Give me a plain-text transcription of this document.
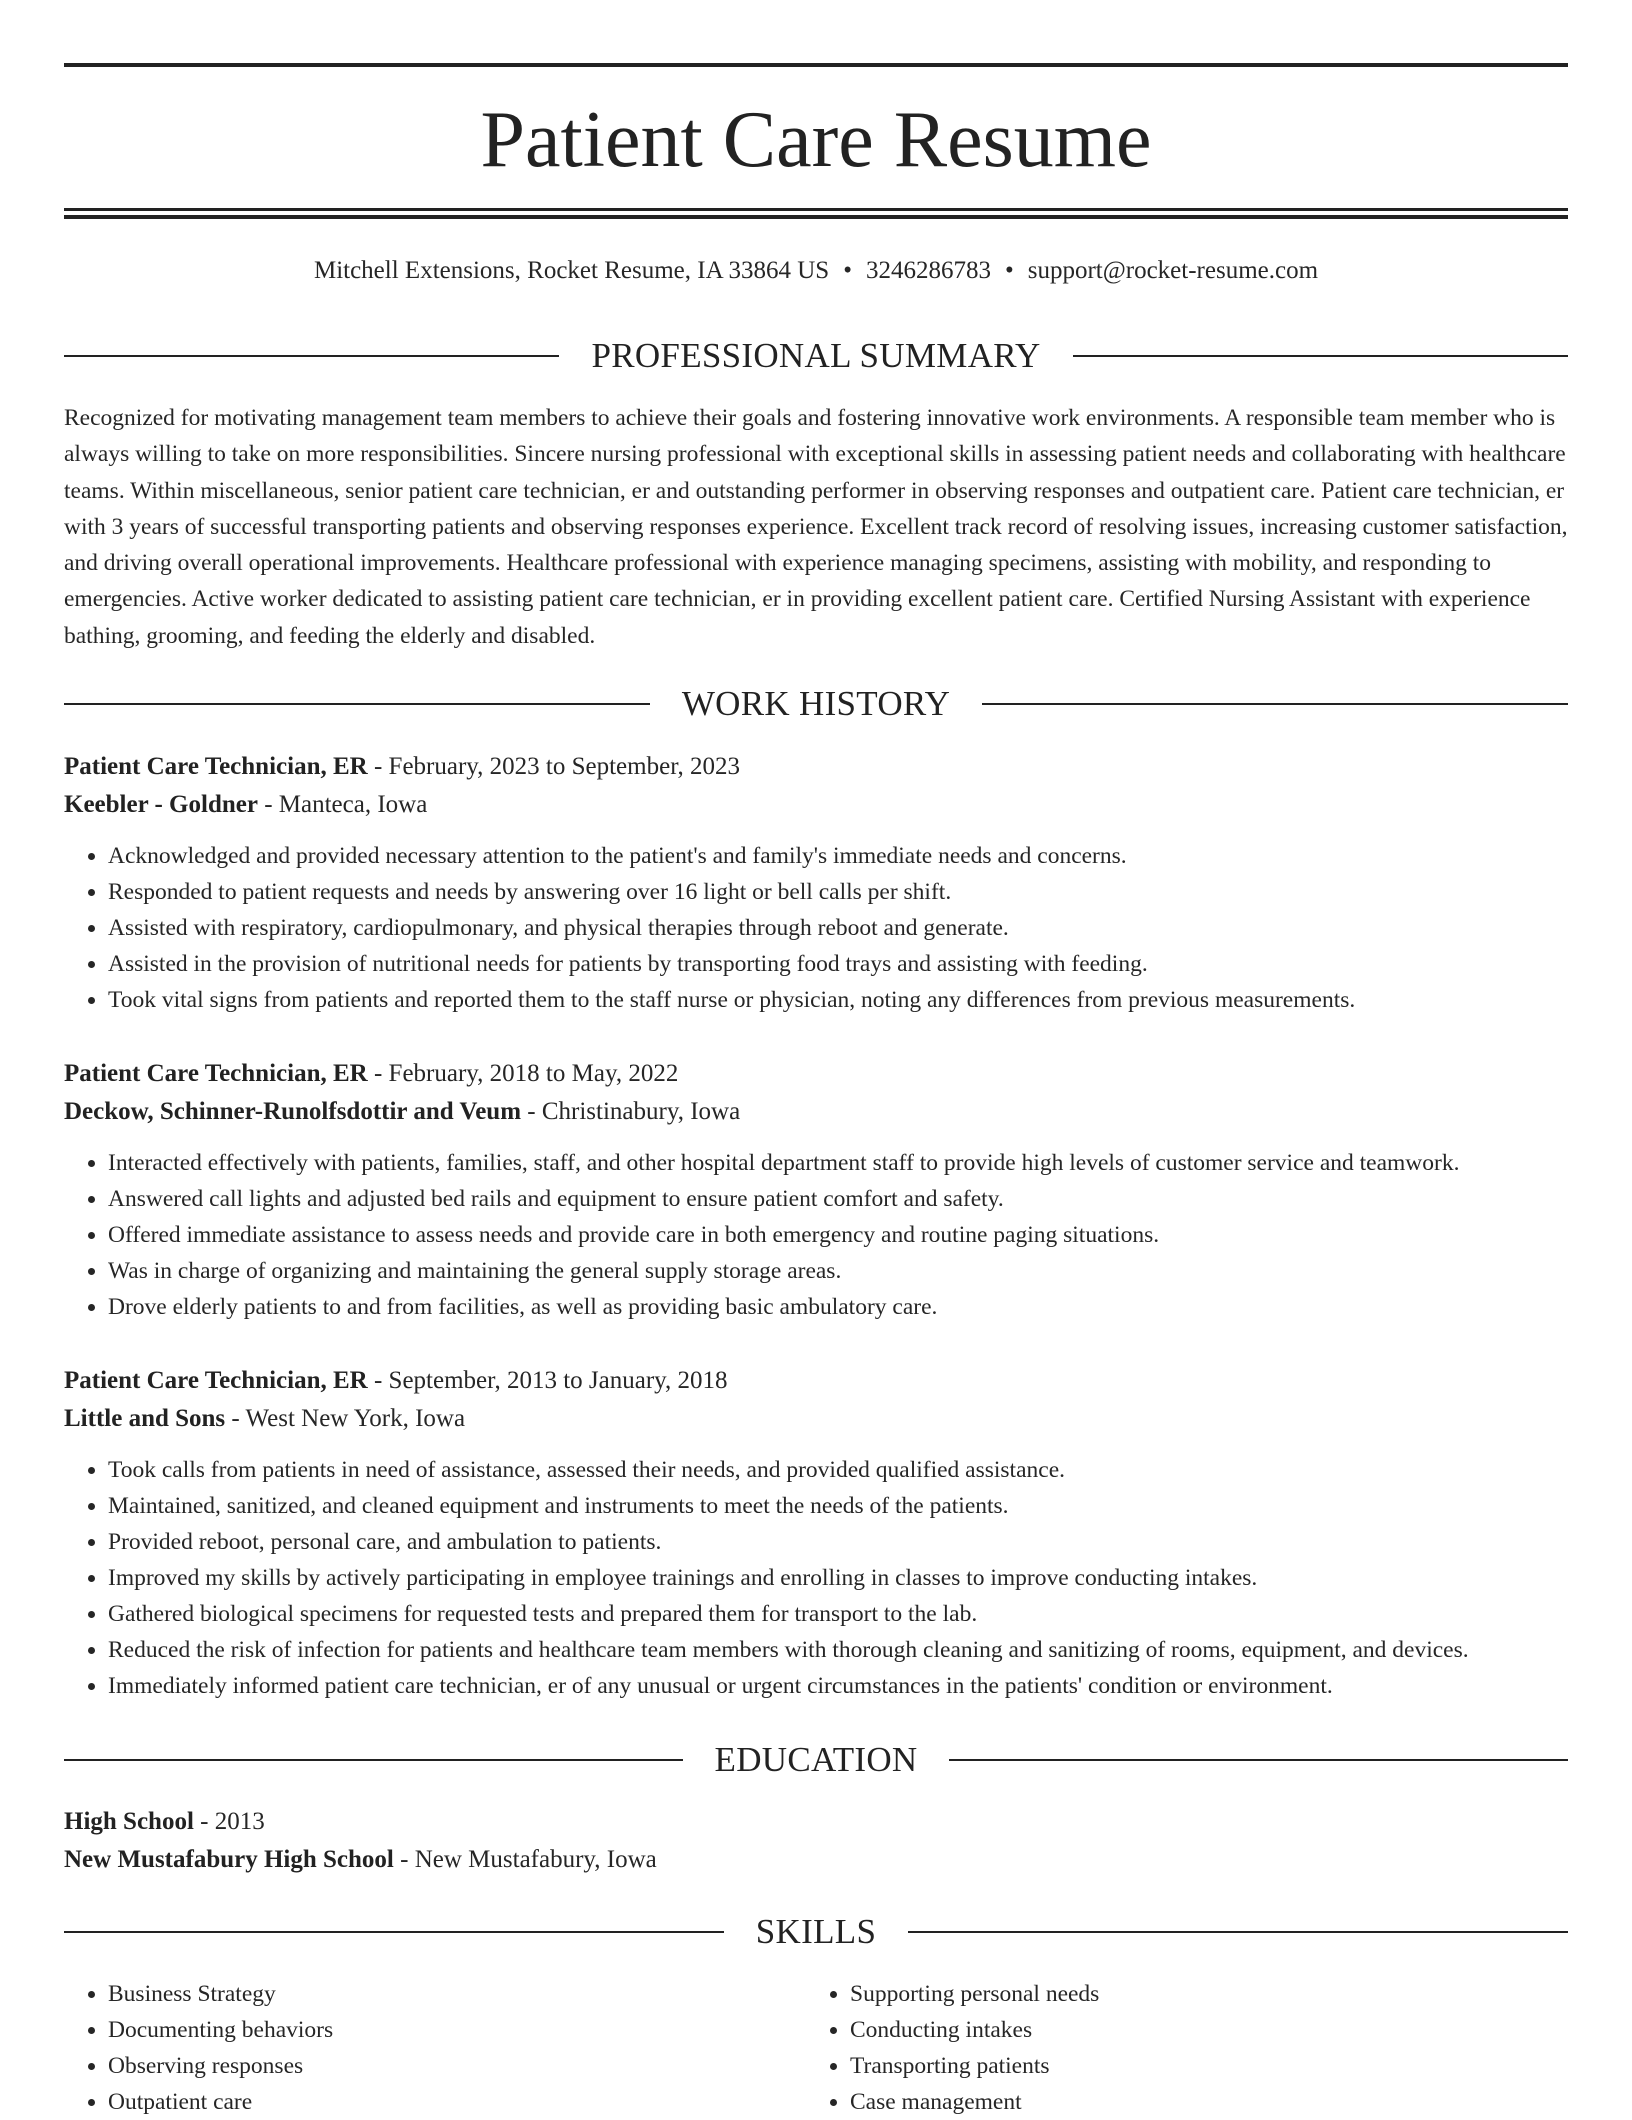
Patient Care Resume
Mitchell Extensions, Rocket Resume, IA 33864 US • 3246286783 • support@rocket-resume.com
PROFESSIONAL SUMMARY

Recognized for motivating management team members to achieve their goals and fostering innovative work environments. A responsible team member who is always willing to take on more responsibilities. Sincere nursing professional with exceptional skills in assessing patient needs and collaborating with healthcare teams. Within miscellaneous, senior patient care technician, er and outstanding performer in observing responses and outpatient care. Patient care technician, er with 3 years of successful transporting patients and observing responses experience. Excellent track record of resolving issues, increasing customer satisfaction, and driving overall operational improvements. Healthcare professional with experience managing specimens, assisting with mobility, and responding to emergencies. Active worker dedicated to assisting patient care technician, er in providing excellent patient care. Certified Nursing Assistant with experience bathing, grooming, and feeding the elderly and disabled.

WORK HISTORY
Patient Care Technician, ER - February, 2023 to September, 2023
Keebler - Goldner - Manteca, Iowa
• Acknowledged and provided necessary attention to the patient's and family's immediate needs and concerns.
• Responded to patient requests and needs by answering over 16 light or bell calls per shift.
• Assisted with respiratory, cardiopulmonary, and physical therapies through reboot and generate.
• Assisted in the provision of nutritional needs for patients by transporting food trays and assisting with feeding.
• Took vital signs from patients and reported them to the staff nurse or physician, noting any differences from previous measurements.
Patient Care Technician, ER - February, 2018 to May, 2022
Deckow, Schinner-Runolfsdottir and Veum - Christinabury, Iowa
• Interacted effectively with patients, families, staff, and other hospital department staff to provide high levels of customer service and teamwork.
• Answered call lights and adjusted bed rails and equipment to ensure patient comfort and safety.
• Offered immediate assistance to assess needs and provide care in both emergency and routine paging situations.
• Was in charge of organizing and maintaining the general supply storage areas.
• Drove elderly patients to and from facilities, as well as providing basic ambulatory care.
Patient Care Technician, ER - September, 2013 to January, 2018
Little and Sons - West New York, Iowa
• Took calls from patients in need of assistance, assessed their needs, and provided qualified assistance.
• Maintained, sanitized, and cleaned equipment and instruments to meet the needs of the patients.
• Provided reboot, personal care, and ambulation to patients.
• Improved my skills by actively participating in employee trainings and enrolling in classes to improve conducting intakes.
• Gathered biological specimens for requested tests and prepared them for transport to the lab.
• Reduced the risk of infection for patients and healthcare team members with thorough cleaning and sanitizing of rooms, equipment, and devices.
• Immediately informed patient care technician, er of any unusual or urgent circumstances in the patients' condition or environment.
EDUCATION
High School - 2013
New Mustafabury High School - New Mustafabury, Iowa
SKILLS
• Business Strategy
• Documenting behaviors
• Observing responses
• Outpatient care
• Supporting personal needs
• Conducting intakes
• Transporting patients
• Case management
